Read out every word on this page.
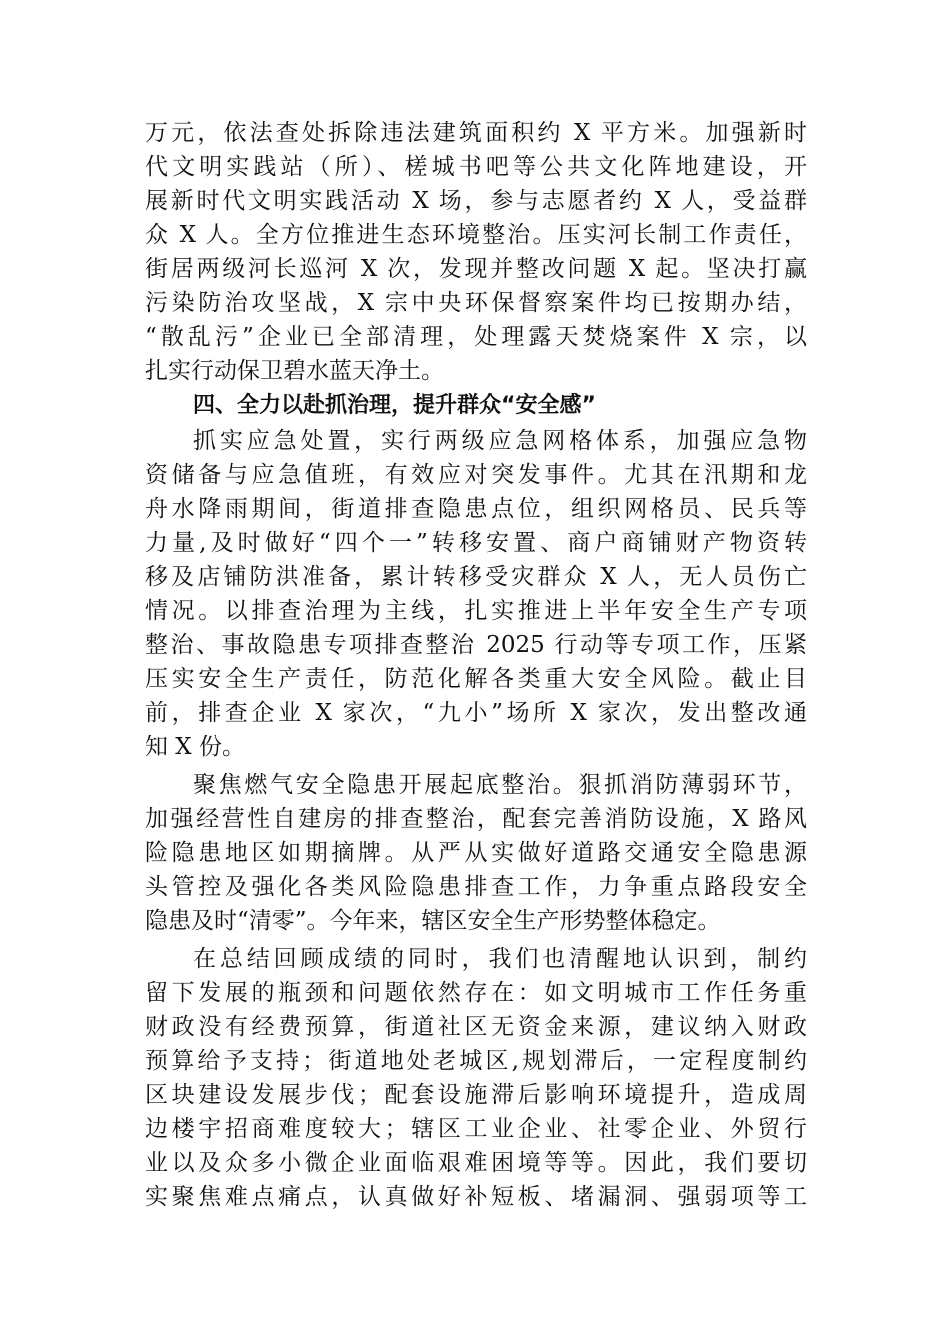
万元，依法查处拆除违法建筑面积约 X 平方米。加强新时
代文明实践站（所）、槎城书吧等公共文化阵地建设，开
展新时代文明实践活动 X 场，参与志愿者约 X 人，受益群
众 X 人。全方位推进生态环境整治。压实河长制工作责任，
街居两级河长巡河 X 次，发现并整改问题 X 起。坚决打赢
污染防治攻坚战，X 宗中央环保督察案件均已按期办结，
“散乱污”企业已全部清理，处理露天焚烧案件 X 宗，以
扎实行动保卫碧水蓝天净土。
四、全力以赴抓治理，提升群众“安全感”
抓实应急处置，实行两级应急网格体系，加强应急物
资储备与应急值班，有效应对突发事件。尤其在汛期和龙
舟水降雨期间，街道排查隐患点位，组织网格员、民兵等
力量,及时做好“四个一”转移安置、商户商铺财产物资转
移及店铺防洪准备，累计转移受灾群众 X 人，无人员伤亡
情况。以排查治理为主线，扎实推进上半年安全生产专项
整治、事故隐患专项排查整治 2025 行动等专项工作，压紧
压实安全生产责任，防范化解各类重大安全风险。截止目
前，排查企业 X 家次，“九小”场所 X 家次，发出整改通
知 X 份。
聚焦燃气安全隐患开展起底整治。狠抓消防薄弱环节，
加强经营性自建房的排查整治，配套完善消防设施，X 路风
险隐患地区如期摘牌。从严从实做好道路交通安全隐患源
头管控及强化各类风险隐患排查工作，力争重点路段安全
隐患及时“清零”。今年来，辖区安全生产形势整体稳定。
在总结回顾成绩的同时，我们也清醒地认识到，制约
留下发展的瓶颈和问题依然存在：如文明城市工作任务重
财政没有经费预算，街道社区无资金来源，建议纳入财政
预算给予支持；街道地处老城区,规划滞后，一定程度制约
区块建设发展步伐；配套设施滞后影响环境提升，造成周
边楼宇招商难度较大；辖区工业企业、社零企业、外贸行
业以及众多小微企业面临艰难困境等等。因此，我们要切
实聚焦难点痛点，认真做好补短板、堵漏洞、强弱项等工
